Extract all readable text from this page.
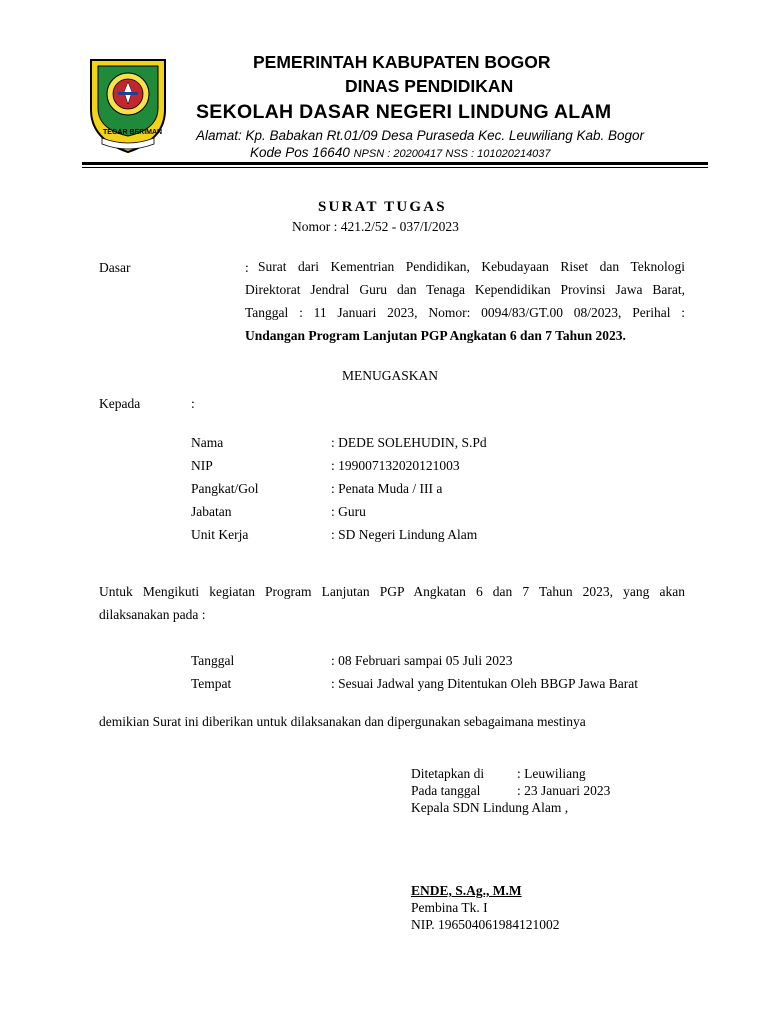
TEGAR BERIMAN
PEMERINTAH KABUPATEN BOGOR
DINAS PENDIDIKAN
SEKOLAH DASAR NEGERI LINDUNG ALAM
Alamat: Kp. Babakan Rt.01/09 Desa Puraseda Kec. Leuwiliang Kab. Bogor
Kode Pos 16640 NPSN : 20200417 NSS : 101020214037
SURAT TUGAS
Nomor : 421.2/52 - 037/I/2023
Dasar	: Surat dari Kementrian Pendidikan, Kebudayaan Riset dan Teknologi
Direktorat Jendral Guru dan Tenaga Kependidikan Provinsi Jawa Barat,
Tanggal : 11 Januari 2023, Nomor: 0094/83/GT.00 08/2023, Perihal :
Undangan Program Lanjutan PGP Angkatan 6 dan 7 Tahun 2023.
MENUGASKAN
Kepada	:
Nama	: DEDE SOLEHUDIN, S.Pd
NIP	: 199007132020121003
Pangkat/Gol	: Penata Muda / III a
Jabatan	: Guru
Unit Kerja	: SD Negeri Lindung Alam
Untuk Mengikuti kegiatan Program Lanjutan PGP Angkatan 6 dan 7 Tahun 2023, yang akan
dilaksanakan pada :
Tanggal	: 08 Februari sampai 05 Juli 2023
Tempat	: Sesuai Jadwal yang Ditentukan Oleh BBGP Jawa Barat
demikian Surat ini diberikan untuk dilaksanakan dan dipergunakan sebagaimana mestinya
Ditetapkan di : Leuwiliang
Pada tanggal	: 23 Januari 2023
Kepala SDN Lindung Alam ,
ENDE, S.Ag., M.M
Pembina Tk. I
NIP. 196504061984121002
